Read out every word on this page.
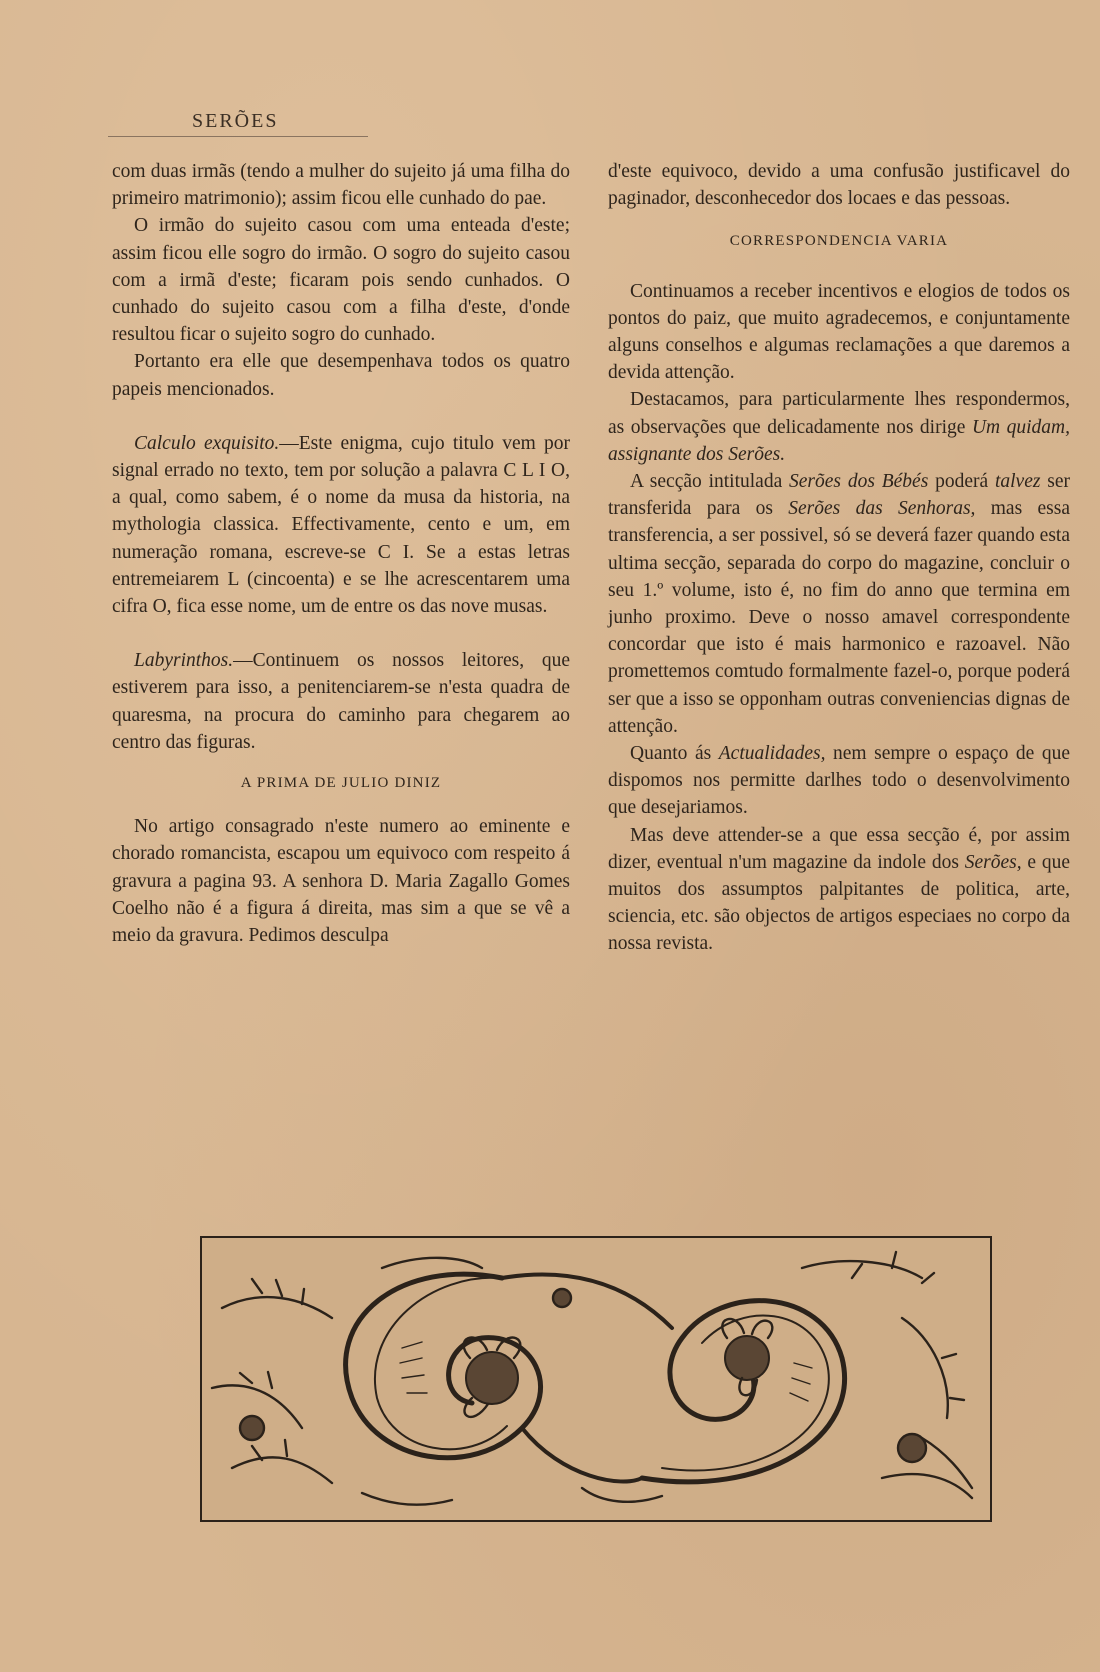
SERÕES

com duas irmãs (tendo a mulher do sujeito já uma filha do primeiro matrimonio); assim ficou elle cunhado do pae.

O irmão do sujeito casou com uma enteada d'este; assim ficou elle sogro do irmão. O sogro do sujeito casou com a irmã d'este; ficaram pois sendo cunhados. O cunhado do sujeito casou com a filha d'este, d'onde resultou ficar o sujeito sogro do cunhado.

Portanto era elle que desempenhava todos os quatro papeis mencionados.

Calculo exquisito.—Este enigma, cujo titulo vem por signal errado no texto, tem por solução a palavra C L I O, a qual, como sabem, é o nome da musa da historia, na mythologia classica. Effectivamente, cento e um, em numeração romana, escreve-se C I. Se a estas letras entremeiarem L (cincoenta) e se lhe acrescentarem uma cifra O, fica esse nome, um de entre os das nove musas.

Labyrinthos.—Continuem os nossos leitores, que estiverem para isso, a penitenciarem-se n'esta quadra de quaresma, na procura do caminho para chegarem ao centro das figuras.

A PRIMA DE JULIO DINIZ

No artigo consagrado n'este numero ao eminente e chorado romancista, escapou um equivoco com respeito á gravura a pagina 93. A senhora D. Maria Zagallo Gomes Coelho não é a figura á direita, mas sim a que se vê a meio da gravura. Pedimos desculpa

d'este equivoco, devido a uma confusão justificavel do paginador, desconhecedor dos locaes e das pessoas.

CORRESPONDENCIA VARIA

Continuamos a receber incentivos e elogios de todos os pontos do paiz, que muito agradecemos, e conjuntamente alguns conselhos e algumas reclamações a que daremos a devida attenção.

Destacamos, para particularmente lhes respondermos, as observações que delicadamente nos dirige Um quidam, assignante dos Serões.

A secção intitulada Serões dos Bébés poderá talvez ser transferida para os Serões das Senhoras, mas essa transferencia, a ser possivel, só se deverá fazer quando esta ultima secção, separada do corpo do magazine, concluir o seu 1.º volume, isto é, no fim do anno que termina em junho proximo. Deve o nosso amavel correspondente concordar que isto é mais harmonico e razoavel. Não promettemos comtudo formalmente fazel-o, porque poderá ser que a isso se opponham outras conveniencias dignas de attenção.

Quanto ás Actualidades, nem sempre o espaço de que dispomos nos permitte darlhes todo o desenvolvimento que desejariamos.

Mas deve attender-se a que essa secção é, por assim dizer, eventual n'um magazine da indole dos Serões, e que muitos dos assumptos palpitantes de politica, arte, sciencia, etc. são objectos de artigos especiaes no corpo da nossa revista.
